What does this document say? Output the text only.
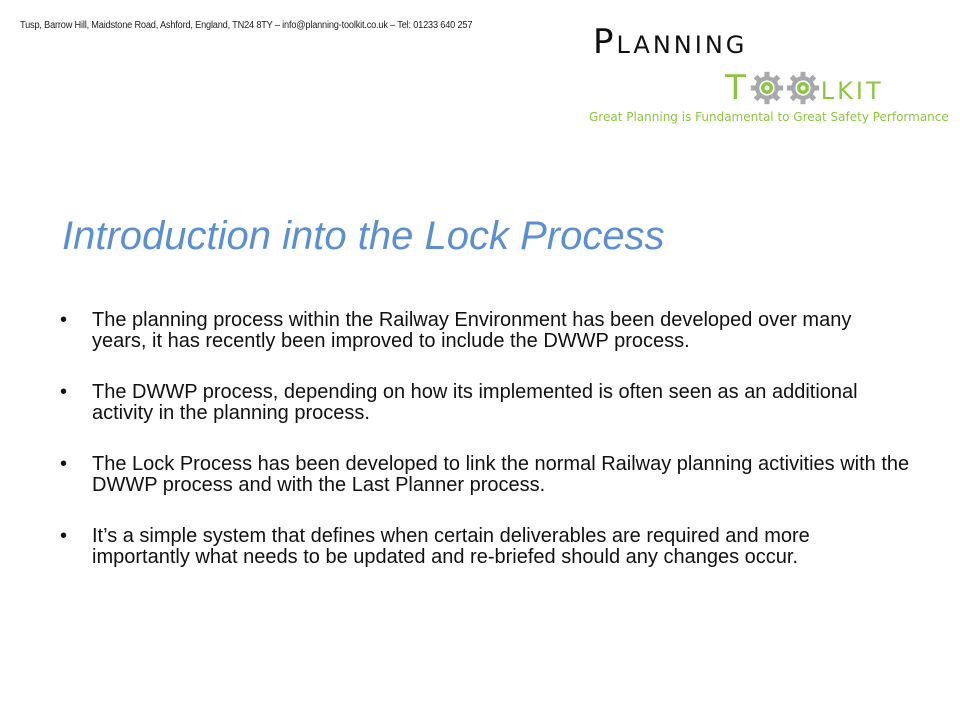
Tusp, Barrow Hill, Maidstone Road, Ashford, England, TN24 8TY – info@planning-toolkit.co.uk – Tel: 01233 640 257	Planning
T lkit
Great Planning is Fundamental to Great Safety Performance
Introduction into the Lock Process
• The planning process within the Railway Environment has been developed over many years, it has recently been improved to include the DWWP process.
• The DWWP process, depending on how its implemented is often seen as an additional activity in the planning process.
• The Lock Process has been developed to link the normal Railway planning activities with the DWWP process and with the Last Planner process.
• It’s a simple system that defines when certain deliverables are required and more importantly what needs to be updated and re-briefed should any changes occur.
